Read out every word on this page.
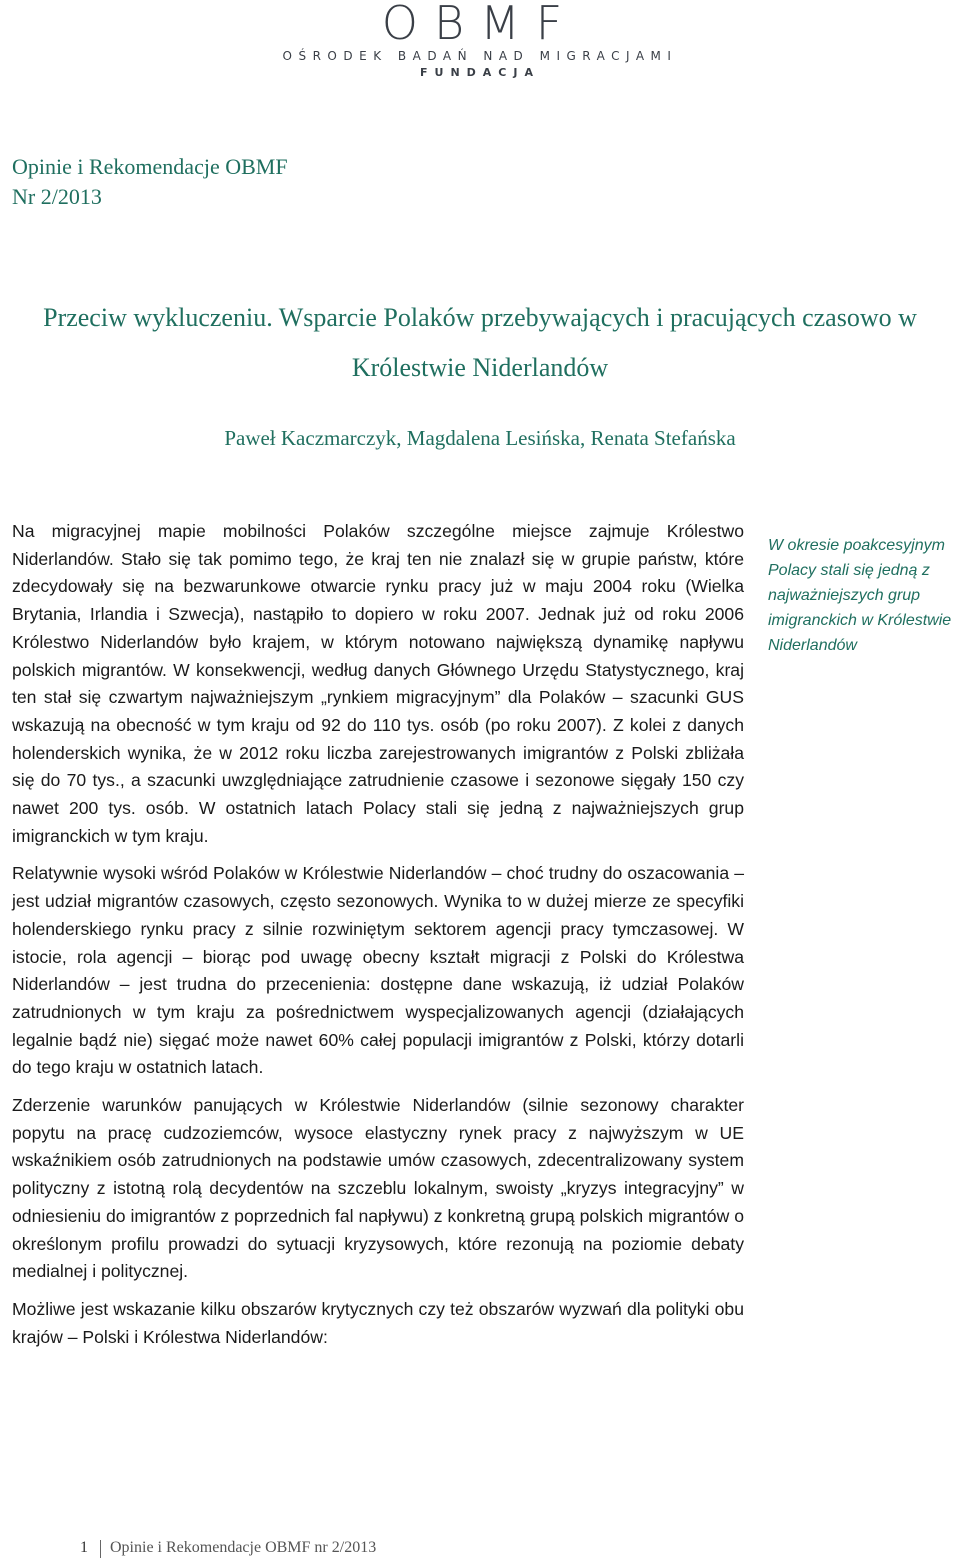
OBMF
OŚRODEK BADAŃ NAD MIGRACJAMI
FUNDACJA
Opinie i Rekomendacje OBMF
Nr 2/2013
Przeciw wykluczeniu. Wsparcie Polaków przebywających i pracujących czasowo w Królestwie Niderlandów
Paweł Kaczmarczyk, Magdalena Lesińska, Renata Stefańska

Na migracyjnej mapie mobilności Polaków szczególne miejsce zajmuje Królestwo Niderlandów. Stało się tak pomimo tego, że kraj ten nie znalazł się w grupie państw, które zdecydowały się na bezwarunkowe otwarcie rynku pracy już w maju 2004 roku (Wielka Brytania, Irlandia i Szwecja), nastąpiło to dopiero w roku 2007. Jednak już od roku 2006 Królestwo Niderlandów było krajem, w którym notowano największą dynamikę napływu polskich migrantów. W konsekwencji, według danych Głównego Urzędu Statystycznego, kraj ten stał się czwartym najważniejszym „rynkiem migracyjnym” dla Polaków – szacunki GUS wskazują na obecność w tym kraju od 92 do 110 tys. osób (po roku 2007). Z kolei z danych holenderskich wynika, że w 2012 roku liczba zarejestrowanych imigrantów z Polski zbliżała się do 70 tys., a szacunki uwzględniające zatrudnienie czasowe i sezonowe sięgały 150 czy nawet 200 tys. osób. W ostatnich latach Polacy stali się jedną z najważniejszych grup imigranckich w tym kraju.

Relatywnie wysoki wśród Polaków w Królestwie Niderlandów – choć trudny do oszacowania – jest udział migrantów czasowych, często sezonowych. Wynika to w dużej mierze ze specyfiki holenderskiego rynku pracy z silnie rozwiniętym sektorem agencji pracy tymczasowej. W istocie, rola agencji – biorąc pod uwagę obecny kształt migracji z Polski do Królestwa Niderlandów – jest trudna do przecenienia: dostępne dane wskazują, iż udział Polaków zatrudnionych w tym kraju za pośrednictwem wyspecjalizowanych agencji (działających legalnie bądź nie) sięgać może nawet 60% całej populacji imigrantów z Polski, którzy dotarli do tego kraju w ostatnich latach.

Zderzenie warunków panujących w Królestwie Niderlandów (silnie sezonowy charakter popytu na pracę cudzoziemców, wysoce elastyczny rynek pracy z najwyższym w UE wskaźnikiem osób zatrudnionych na podstawie umów czasowych, zdecentralizowany system polityczny z istotną rolą decydentów na szczeblu lokalnym, swoisty „kryzys integracyjny” w odniesieniu do imigrantów z poprzednich fal napływu) z konkretną grupą polskich migrantów o określonym profilu prowadzi do sytuacji kryzysowych, które rezonują na poziomie debaty medialnej i politycznej.

Możliwe jest wskazanie kilku obszarów krytycznych czy też obszarów wyzwań dla polityki obu krajów – Polski i Królestwa Niderlandów:

W okresie poakcesyjnym Polacy stali się jedną z najważniejszych grup imigranckich w Królestwie Niderlandów
1 Opinie i Rekomendacje OBMF nr 2/2013
